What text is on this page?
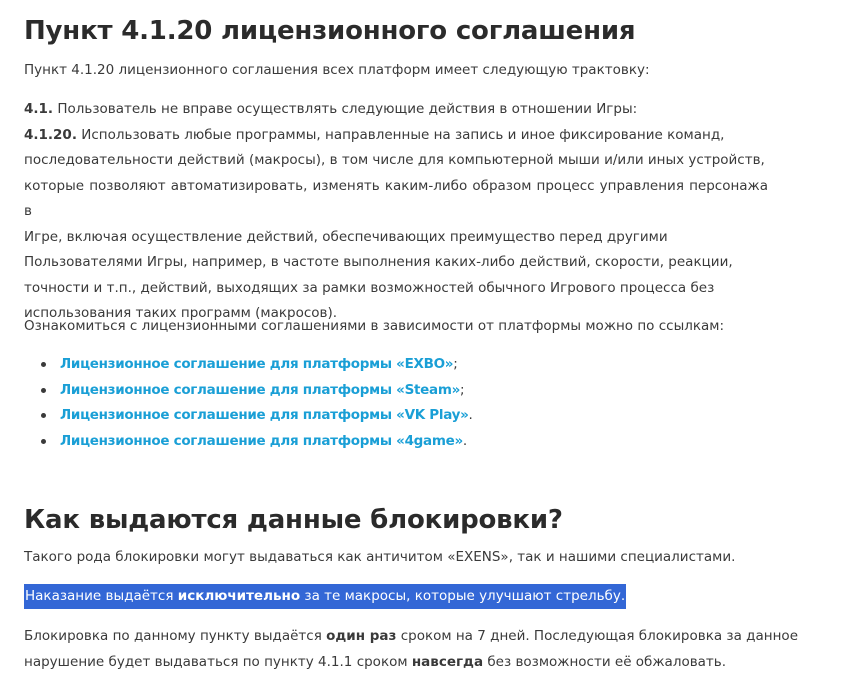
Пункт 4.1.20 лицензионного соглашения

Пункт 4.1.20 лицензионного соглашения всех платформ имеет следующую трактовку:

4.1. Пользователь не вправе осуществлять следующие действия в отношении Игры:
4.1.20. Использовать любые программы, направленные на запись и иное фиксирование команд,
последовательности действий (макросы), в том числе для компьютерной мыши и/или иных устройств,
которые позволяют автоматизировать, изменять каким-либо образом процесс управления персонажа в
Игре, включая осуществление действий, обеспечивающих преимущество перед другими
Пользователями Игры, например, в частоте выполнения каких-либо действий, скорости, реакции,
точности и т.п., действий, выходящих за рамки возможностей обычного Игрового процесса без
использования таких программ (макросов).

Ознакомиться с лицензионными соглашениями в зависимости от платформы можно по ссылкам:

Лицензионное соглашение для платформы «EXBO»;
Лицензионное соглашение для платформы «Steam»;
Лицензионное соглашение для платформы «VK Play».
Лицензионное соглашение для платформы «4game».
Как выдаются данные блокировки?

Такого рода блокировки могут выдаваться как античитом «EXENS», так и нашими специалистами.

Наказание выдаётся исключительно за те макросы, которые улучшают стрельбу.

Блокировка по данному пункту выдаётся один раз сроком на 7 дней. Последующая блокировка за данное
нарушение будет выдаваться по пункту 4.1.1 сроком навсегда без возможности её обжаловать.
